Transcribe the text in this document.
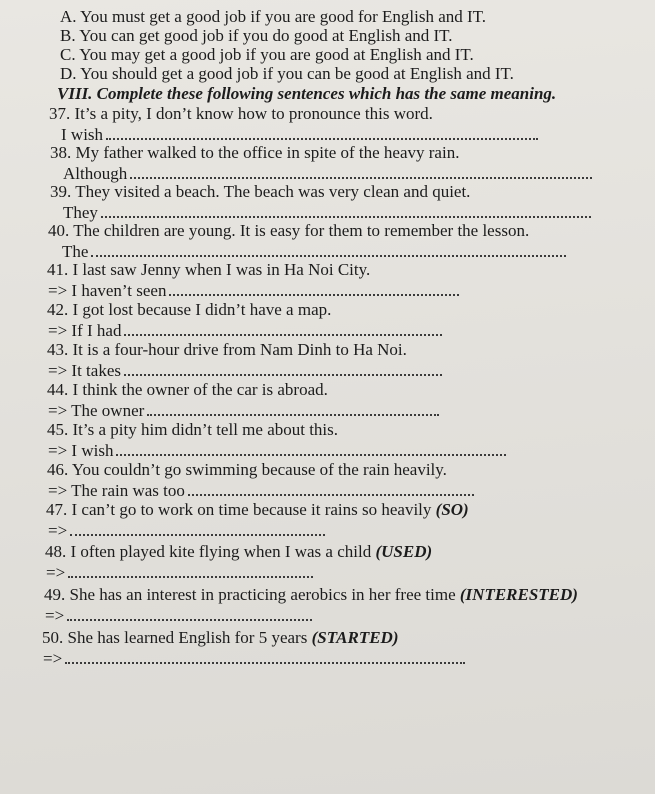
A. You must get a good job if you are good for English and IT.
B. You can get good job if you do good at English and IT.
C. You may get a good job if you are good at English and IT.
D. You should get a good job if you can be good at English and IT.
VIII. Complete these following sentences which has the same meaning.
37. It’s a pity, I don’t know how to pronounce this word.
I wish
38. My father walked to the office in spite of the heavy rain.
Although
39. They visited a beach. The beach was very clean and quiet.
They
40. The children are young. It is easy for them to remember the lesson.
The
41. I last saw Jenny when I was in Ha Noi City.
=> I haven’t seen
42. I got lost because I didn’t have a map.
=> If I had
43. It is a four-hour drive from Nam Dinh to Ha Noi.
=> It takes
44. I think the owner of the car is abroad.
=> The owner
45. It’s a pity him didn’t tell me about this.
=> I wish
46. You couldn’t go swimming because of the rain heavily.
=> The rain was too
47. I can’t go to work on time because it rains so heavily (SO)
=>
48. I often played kite flying when I was a child (USED)
=>
49. She has an interest in practicing aerobics in her free time (INTERESTED)
=>
50. She has learned English for 5 years (STARTED)
=>
